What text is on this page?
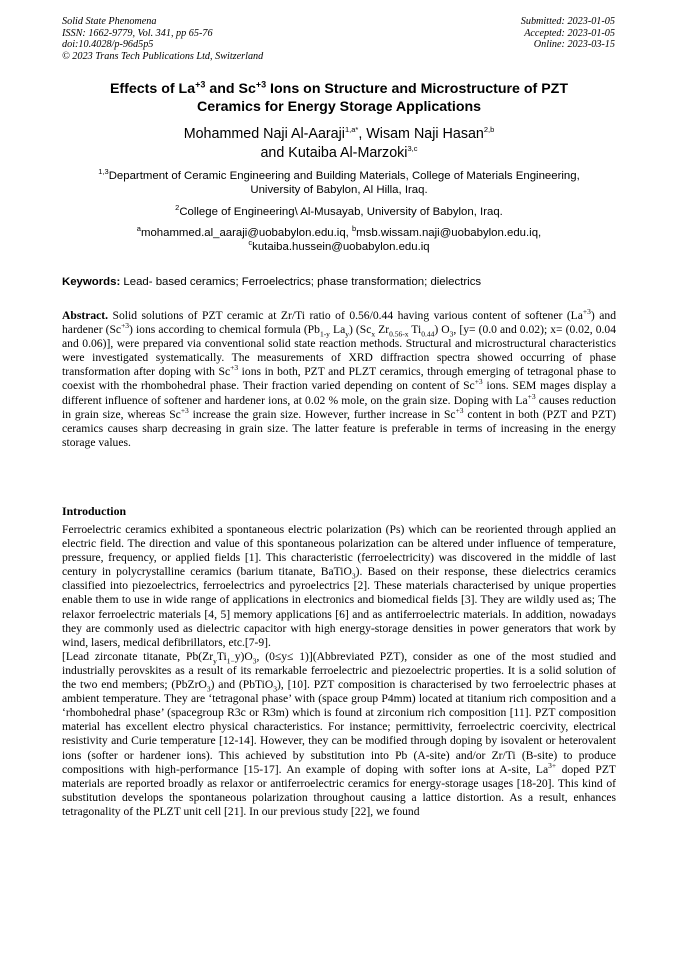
Solid State Phenomena
ISSN: 1662-9779, Vol. 341, pp 65-76
doi:10.4028/p-96d5p5
© 2023 Trans Tech Publications Ltd, Switzerland
Submitted: 2023-01-05
Accepted: 2023-01-05
Online: 2023-03-15
Effects of $La^{+3}$ and $Sc^{+3}$ Ions on Structure and Microstructure of PZT
Ceramics for Energy Storage Applications
Mohammed Naji Al-Aaraji$^{1,a*}$, Wisam Naji Hasan$^{2,b}$
and Kutaiba Al-Marzoki$^{3,c}$
$^{1,3}$Department of Ceramic Engineering and Building Materials, College of Materials Engineering,
University of Babylon, Al Hilla, Iraq.
$^2$College of Engineering\ Al-Musayab, University of Babylon, Iraq.
$^a$mohammed.al_aaraji@uobabylon.edu.iq, $^b$msb.wissam.naji@uobabylon.edu.iq,
$^c$kutaiba.hussein@uobabylon.edu.iq
Keywords: Lead- based ceramics; Ferroelectrics; phase transformation; dielectrics
Abstract. Solid solutions of PZT ceramic at Zr/Ti ratio of 0.56/0.44 having various content of softener $(La^{+3})$ and hardener $(Sc^{+3})$ ions according to chemical formula ($Pb_{1-y}$ $La_y$) ($Sc_x$ $Zr_{0.56-x}$ $Ti_{0.44}$) $O_3$, [y= (0.0 and 0.02); x= (0.02, 0.04 and 0.06)], were prepared via conventional solid state reaction methods. Structural and microstructural characteristics were investigated systematically. The measurements of XRD diffraction spectra showed occurring of phase transformation after doping with $Sc^{+3}$ ions in both, PZT and PLZT ceramics, through emerging of tetragonal phase to coexist with the rhombohedral phase. Their fraction varied depending on content of $Sc^{+3}$ ions. SEM mages display a different influence of softener and hardener ions, at 0.02 % mole, on the grain size. Doping with $La^{+3}$ causes reduction in grain size, whereas $Sc^{+3}$ increase the grain size. However, further increase in $Sc^{+3}$ content in both (PZT and PZT) ceramics causes sharp decreasing in grain size. The latter feature is preferable in terms of increasing in the energy storage values.
Introduction

Ferroelectric ceramics exhibited a spontaneous electric polarization (Ps) which can be reoriented through applied an electric field. The direction and value of this spontaneous polarization can be altered under influence of temperature, pressure, frequency, or applied fields [1]. This characteristic (ferroelectricity) was discovered in the middle of last century in polycrystalline ceramics (barium titanate, BaTiO$_3$). Based on their response, these dielectrics ceramics classified into piezoelectrics, ferroelectrics and pyroelectrics [2]. These materials characterised by unique properties enable them to use in wide range of applications in electronics and biomedical fields [3]. They are wildly used as; The relaxor ferroelectric materials [4, 5] memory applications [6] and as antiferroelectric materials. In addition, nowadays they are commonly used as dielectric capacitor with high energy-storage densities in power generators that work by wind, lasers, medical defibrillators, etc.[7-9].

[Lead zirconate titanate, $Pb(Zr_yTi_{1-}y)O_3$, (0≤y≤ 1)](Abbreviated PZT), consider as one of the most studied and industrially perovskites as a result of its remarkable ferroelectric and piezoelectric properties. It is a solid solution of the two end members; (PbZrO$_3$) and (PbTiO$_3$), [10]. PZT composition is characterised by two ferroelectric phases at ambient temperature. They are ‘tetragonal phase’ with (space group P4mm) located at titanium rich composition and a ‘rhombohedral phase’ (spacegroup R3c or R3m) which is found at zirconium rich composition [11]. PZT composition material has excellent electro physical characteristics. For instance; permittivity, ferroelectric coercivity, electrical resistivity and Curie temperature [12-14]. However, they can be modified through doping by isovalent or heterovalent ions (softer or hardener ions). This achieved by substitution into Pb (A-site) and/or Zr/Ti (B-site) to produce compositions with high-performance [15-17]. An example of doping with softer ions at A-site, $La^{3+}$ doped PZT materials are reported broadly as relaxor or antiferroelectric ceramics for energy-storage usages [18-20]. This kind of substitution develops the spontaneous polarization throughout causing a lattice distortion. As a result, enhances tetragonality of the PLZT unit cell [21]. In our previous study [22], we found
